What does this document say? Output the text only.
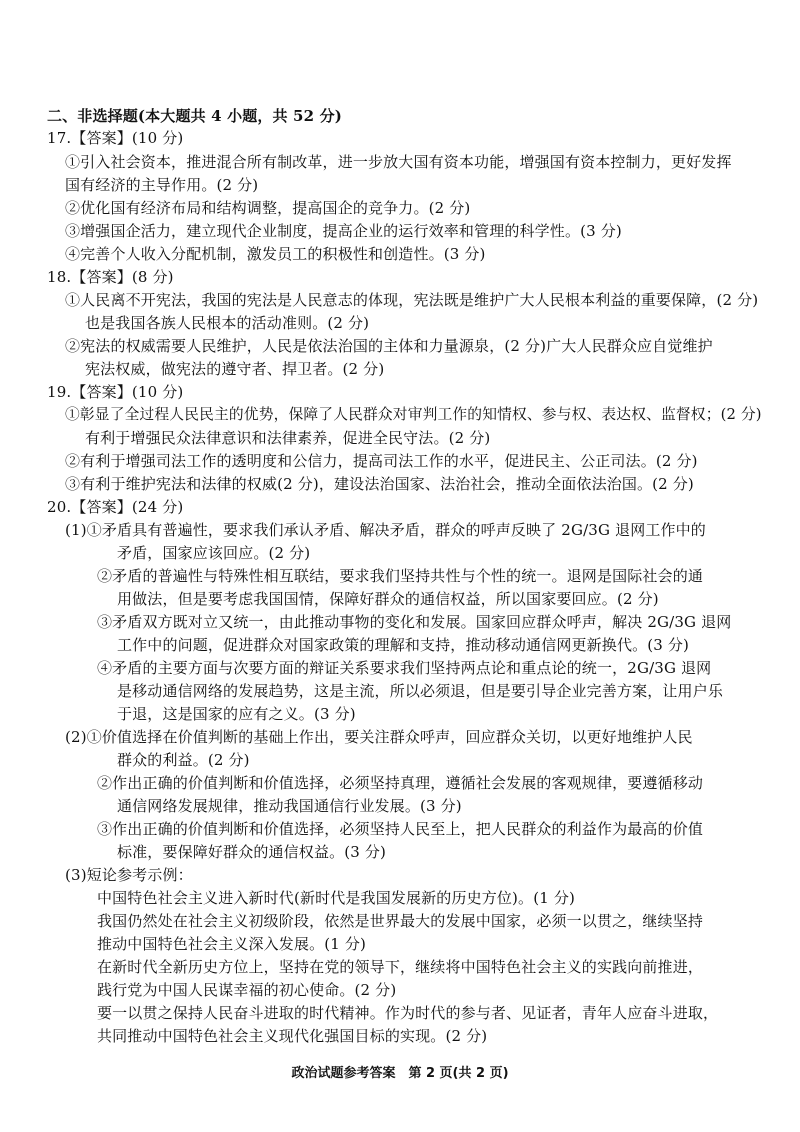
二、非选择题(本大题共 4 小题，共 52 分)
17.【答案】(10 分)
①引入社会资本，推进混合所有制改革，进一步放大国有资本功能，增强国有资本控制力，更好发挥
国有经济的主导作用。(2 分)
②优化国有经济布局和结构调整，提高国企的竞争力。(2 分)
③增强国企活力，建立现代企业制度，提高企业的运行效率和管理的科学性。(3 分)
④完善个人收入分配机制，激发员工的积极性和创造性。(3 分)
18.【答案】(8 分)
①人民离不开宪法，我国的宪法是人民意志的体现，宪法既是维护广大人民根本利益的重要保障，(2 分)
也是我国各族人民根本的活动准则。(2 分)
②宪法的权威需要人民维护，人民是依法治国的主体和力量源泉，(2 分)广大人民群众应自觉维护
宪法权威，做宪法的遵守者、捍卫者。(2 分)
19.【答案】(10 分)
①彰显了全过程人民民主的优势，保障了人民群众对审判工作的知情权、参与权、表达权、监督权；(2 分)
有利于增强民众法律意识和法律素养，促进全民守法。(2 分)
②有利于增强司法工作的透明度和公信力，提高司法工作的水平，促进民主、公正司法。(2 分)
③有利于维护宪法和法律的权威(2 分)，建设法治国家、法治社会，推动全面依法治国。(2 分)
20.【答案】(24 分)
(1)①矛盾具有普遍性，要求我们承认矛盾、解决矛盾，群众的呼声反映了 2G/3G 退网工作中的
矛盾，国家应该回应。(2 分)
②矛盾的普遍性与特殊性相互联结，要求我们坚持共性与个性的统一。退网是国际社会的通
用做法，但是要考虑我国国情，保障好群众的通信权益，所以国家要回应。(2 分)
③矛盾双方既对立又统一，由此推动事物的变化和发展。国家回应群众呼声，解决 2G/3G 退网
工作中的问题，促进群众对国家政策的理解和支持，推动移动通信网更新换代。(3 分)
④矛盾的主要方面与次要方面的辩证关系要求我们坚持两点论和重点论的统一，2G/3G 退网
是移动通信网络的发展趋势，这是主流，所以必须退，但是要引导企业完善方案，让用户乐
于退，这是国家的应有之义。(3 分)
(2)①价值选择在价值判断的基础上作出，要关注群众呼声，回应群众关切，以更好地维护人民
群众的利益。(2 分)
②作出正确的价值判断和价值选择，必须坚持真理，遵循社会发展的客观规律，要遵循移动
通信网络发展规律，推动我国通信行业发展。(3 分)
③作出正确的价值判断和价值选择，必须坚持人民至上，把人民群众的利益作为最高的价值
标准，要保障好群众的通信权益。(3 分)
(3)短论参考示例：
中国特色社会主义进入新时代(新时代是我国发展新的历史方位)。(1 分)
我国仍然处在社会主义初级阶段，依然是世界最大的发展中国家，必须一以贯之，继续坚持
推动中国特色社会主义深入发展。(1 分)
在新时代全新历史方位上，坚持在党的领导下，继续将中国特色社会主义的实践向前推进，
践行党为中国人民谋幸福的初心使命。(2 分)
要一以贯之保持人民奋斗进取的时代精神。作为时代的参与者、见证者，青年人应奋斗进取，
共同推动中国特色社会主义现代化强国目标的实现。(2 分)
政治试题参考答案　第 2 页(共 2 页)
